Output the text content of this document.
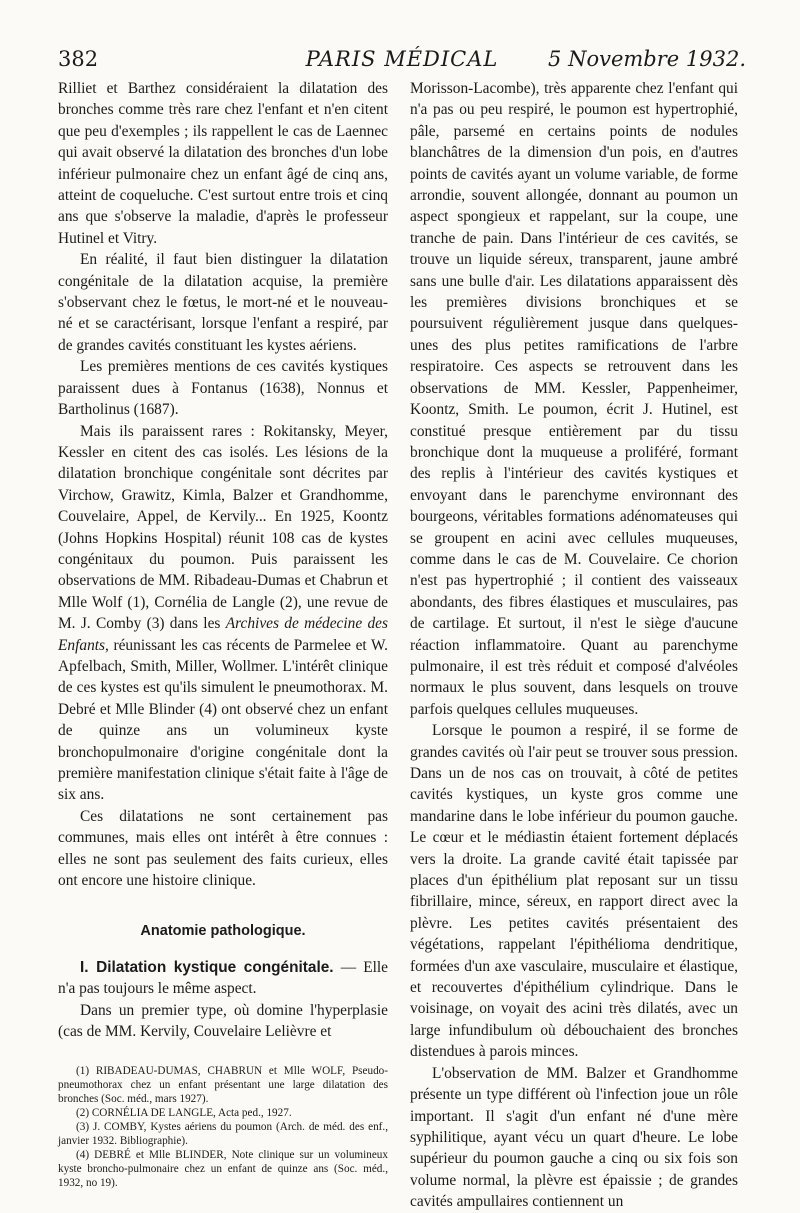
382	PARIS MÉDICAL	5 Novembre 1932.

Rilliet et Barthez considéraient la dilatation des bronches comme très rare chez l'enfant et n'en citent que peu d'exemples ; ils rappellent le cas de Laennec qui avait observé la dilatation des bronches d'un lobe inférieur pulmonaire chez un enfant âgé de cinq ans, atteint de coqueluche. C'est surtout entre trois et cinq ans que s'observe la maladie, d'après le professeur Hutinel et Vitry.

En réalité, il faut bien distinguer la dilatation congénitale de la dilatation acquise, la première s'observant chez le fœtus, le mort-né et le nouveau-né et se caractérisant, lorsque l'enfant a respiré, par de grandes cavités constituant les kystes aériens.

Les premières mentions de ces cavités kystiques paraissent dues à Fontanus (1638), Nonnus et Bartholinus (1687).

Mais ils paraissent rares : Rokitansky, Meyer, Kessler en citent des cas isolés. Les lésions de la dilatation bronchique congénitale sont décrites par Virchow, Grawitz, Kimla, Balzer et Grandhomme, Couvelaire, Appel, de Kervily... En 1925, Koontz (Johns Hopkins Hospital) réunit 108 cas de kystes congénitaux du poumon. Puis paraissent les observations de MM. Ribadeau-Dumas et Chabrun et Mlle Wolf (1), Cornélia de Langle (2), une revue de M. J. Comby (3) dans les Archives de médecine des Enfants, réunissant les cas récents de Parmelee et W. Apfelbach, Smith, Miller, Wollmer. L'intérêt clinique de ces kystes est qu'ils simulent le pneumothorax. M. Debré et Mlle Blinder (4) ont observé chez un enfant de quinze ans un volumineux kyste bronchopulmonaire d'origine congénitale dont la première manifestation clinique s'était faite à l'âge de six ans.

Ces dilatations ne sont certainement pas communes, mais elles ont intérêt à être connues : elles ne sont pas seulement des faits curieux, elles ont encore une histoire clinique.

Anatomie pathologique.

I. Dilatation kystique congénitale. — Elle n'a pas toujours le même aspect.

Dans un premier type, où domine l'hyperplasie (cas de MM. Kervily, Couvelaire Lelièvre et

(1) RIBADEAU-DUMAS, CHABRUN et Mlle WOLF, Pseudo-pneumothorax chez un enfant présentant une large dilatation des bronches (Soc. méd., mars 1927).
(2) CORNÉLIA DE LANGLE, Acta ped., 1927.
(3) J. COMBY, Kystes aériens du poumon (Arch. de méd. des enf., janvier 1932. Bibliographie).
(4) DEBRÉ et Mlle BLINDER, Note clinique sur un volumineux kyste broncho-pulmonaire chez un enfant de quinze ans (Soc. méd., 1932, no 19).

Morisson-Lacombe), très apparente chez l'enfant qui n'a pas ou peu respiré, le poumon est hypertrophié, pâle, parsemé en certains points de nodules blanchâtres de la dimension d'un pois, en d'autres points de cavités ayant un volume variable, de forme arrondie, souvent allongée, donnant au poumon un aspect spongieux et rappelant, sur la coupe, une tranche de pain. Dans l'intérieur de ces cavités, se trouve un liquide séreux, transparent, jaune ambré sans une bulle d'air. Les dilatations apparaissent dès les premières divisions bronchiques et se poursuivent régulièrement jusque dans quelques-unes des plus petites ramifications de l'arbre respiratoire. Ces aspects se retrouvent dans les observations de MM. Kessler, Pappenheimer, Koontz, Smith. Le poumon, écrit J. Hutinel, est constitué presque entièrement par du tissu bronchique dont la muqueuse a proliféré, formant des replis à l'intérieur des cavités kystiques et envoyant dans le parenchyme environnant des bourgeons, véritables formations adénomateuses qui se groupent en acini avec cellules muqueuses, comme dans le cas de M. Couvelaire. Ce chorion n'est pas hypertrophié ; il contient des vaisseaux abondants, des fibres élastiques et musculaires, pas de cartilage. Et surtout, il n'est le siège d'aucune réaction inflammatoire. Quant au parenchyme pulmonaire, il est très réduit et composé d'alvéoles normaux le plus souvent, dans lesquels on trouve parfois quelques cellules muqueuses.

Lorsque le poumon a respiré, il se forme de grandes cavités où l'air peut se trouver sous pression. Dans un de nos cas on trouvait, à côté de petites cavités kystiques, un kyste gros comme une mandarine dans le lobe inférieur du poumon gauche. Le cœur et le médiastin étaient fortement déplacés vers la droite. La grande cavité était tapissée par places d'un épithélium plat reposant sur un tissu fibrillaire, mince, séreux, en rapport direct avec la plèvre. Les petites cavités présentaient des végétations, rappelant l'épithélioma dendritique, formées d'un axe vasculaire, musculaire et élastique, et recouvertes d'épithélium cylindrique. Dans le voisinage, on voyait des acini très dilatés, avec un large infundibulum où débouchaient des bronches distendues à parois minces.

L'observation de MM. Balzer et Grandhomme présente un type différent où l'infection joue un rôle important. Il s'agit d'un enfant né d'une mère syphilitique, ayant vécu un quart d'heure. Le lobe supérieur du poumon gauche a cinq ou six fois son volume normal, la plèvre est épaissie ; de grandes cavités ampullaires contiennent un
